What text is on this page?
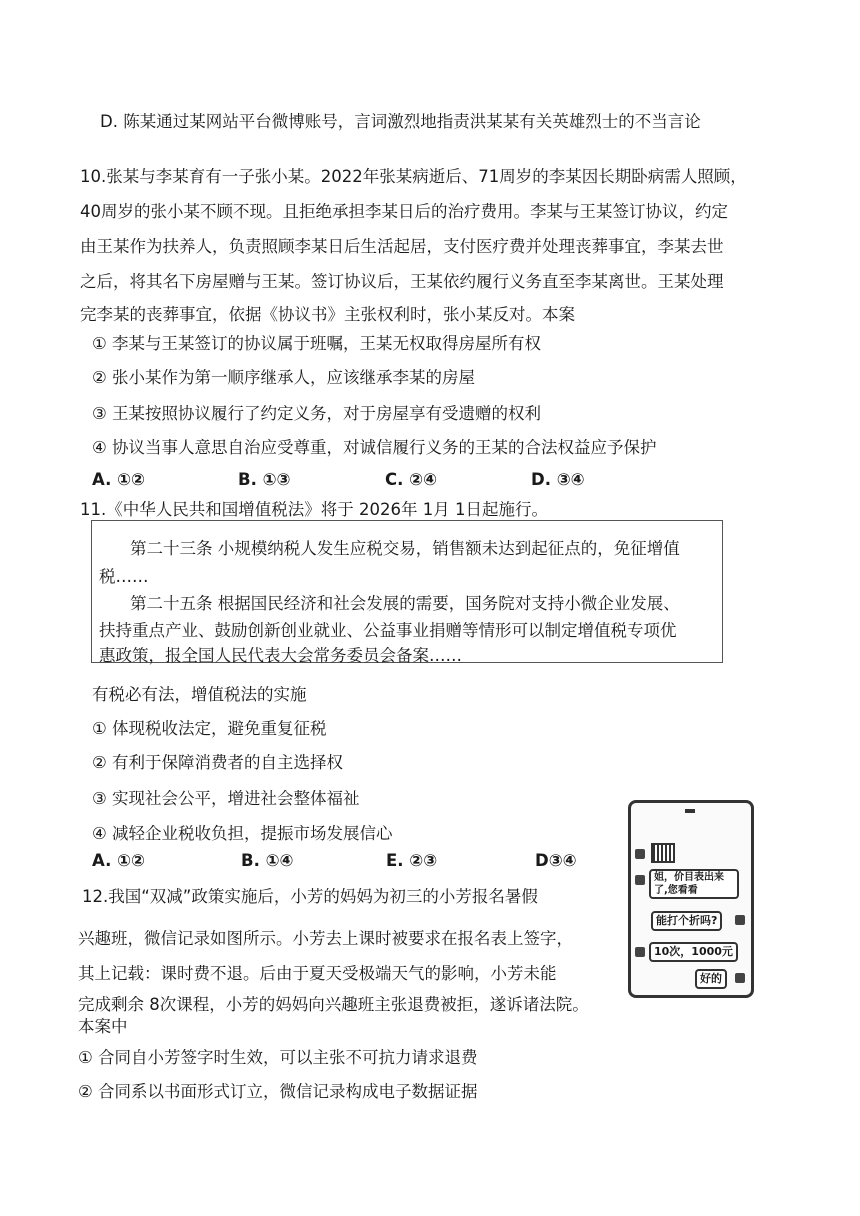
D. 陈某通过某网站平台微博账号，言词激烈地指责洪某某有关英雄烈士的不当言论
10.张某与李某育有一子张小某。2022年张某病逝后、71周岁的李某因长期卧病需人照顾，
40周岁的张小某不顾不现。且拒绝承担李某日后的治疗费用。李某与王某签订协议，约定
由王某作为扶养人，负责照顾李某日后生活起居，支付医疗费并处理丧葬事宜，李某去世
之后，将其名下房屋赠与王某。签订协议后，王某依约履行义务直至李某离世。王某处理
完李某的丧葬事宜，依据《协议书》主张权利时，张小某反对。本案
① 李某与王某签订的协议属于班嘱，王某无权取得房屋所有权
② 张小某作为第一顺序继承人，应该继承李某的房屋
③ 王某按照协议履行了约定义务，对于房屋享有受遗赠的权利
④ 协议当事人意思自治应受尊重，对诚信履行义务的王某的合法权益应予保护
A. ①②	B. ①③	C. ②④	D. ③④
11.《中华人民共和国增值税法》将于 2026年 1月 1日起施行。
第二十三条 小规模纳税人发生应税交易，销售额未达到起征点的，免征增值
税……
第二十五条 根据国民经济和社会发展的需要，国务院对支持小微企业发展、
扶持重点产业、鼓励创新创业就业、公益事业捐赠等情形可以制定增值税专项优
惠政策，报全国人民代表大会常务委员会备案……
有税必有法，增值税法的实施
① 体现税收法定，避免重复征税
② 有利于保障消费者的自主选择权
③ 实现社会公平，增进社会整体福祉
④ 减轻企业税收负担，提振市场发展信心
A. ①②	B. ①④	E. ②③	D③④
12.我国“双减”政策实施后，小芳的妈妈为初三的小芳报名暑假
兴趣班，微信记录如图所示。小芳去上课时被要求在报名表上签字，
其上记载：课时费不退。后由于夏天受极端天气的影响，小芳未能
完成剩余 8次课程，小芳的妈妈向兴趣班主张退费被拒，遂诉诸法院。
本案中
① 合同自小芳签字时生效，可以主张不可抗力请求退费
② 合同系以书面形式订立，微信记录构成电子数据证据
姐，价目表出来了,您看看
能打个折吗?
10次，1000元
好的
